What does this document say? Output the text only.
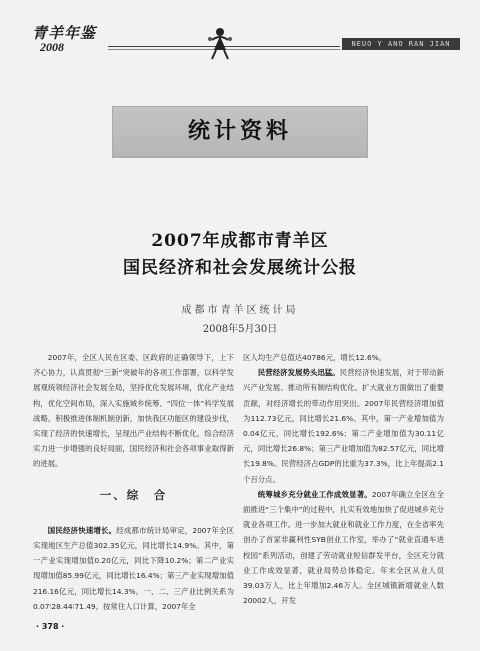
青羊年鉴
2008	NEUO Y ANO RAN JIAN
统计资料
2007年成都市青羊区
国民经济和社会发展统计公报
成都市青羊区统计局
2008年5月30日

2007年，全区人民在区委、区政府的正确领导下，上下齐心协力，认真贯彻“三新”突破年的各项工作部署，以科学发展观统领经济社会发展全局，坚持优化发展环境，优化产业结构，优化空间布局，深入实施城乡统筹、“四位一体”科学发展战略，积极推进体制机制创新，加快我区功能区的建设步伐，实现了经济的快速增长，呈现出产业结构不断优化，综合经济实力进一步增强的良好局面，国民经济和社会各项事业取得新的进展。

一、综　合

国民经济快速增长。经成都市统计局审定，2007年全区实现地区生产总值302.35亿元，同比增长14.9%。其中，第一产业实现增加值0.20亿元，同比下降10.2%；第二产业实现增加值85.99亿元，同比增长16.4%；第三产业实现增加值216.16亿元，同比增长14.3%。一、二、三产业比例关系为0.07∶28.44∶71.49。按常住人口计算，2007年全

区人均生产总值达40786元，增长12.6%。

民营经济发展势头迅猛。民营经济快速发展，对于带动新兴产业发展、推动所有制结构优化、扩大就业方面做出了重要贡献，对经济增长的带动作用突出。2007年民营经济增加值为112.73亿元，同比增长21.6%。其中，第一产业增加值为0.04亿元，同比增长192.6%；第二产业增加值为30.11亿元，同比增长26.8%；第三产业增加值为82.57亿元，同比增长19.8%。民营经济占GDP的比重为37.3%，比上年提高2.1个百分点。

统筹城乡充分就业工作成效显著。2007年确立全区在全面推进“三个集中”的过程中，扎实有效地加快了促进城乡充分就业各项工作。进一步加大就业和就业工作力度，在全省率先创办了首家非赢利性SYB创业工作室，举办了“就业直通车进校园”系列活动，创建了劳动就业短信群发平台，全区充分就业工作成效显著，就业局势总体稳定。年末全区从业人员39.03万人，比上年增加2.46万人。全区城镇新增就业人数20002人，开发

· 378 ·
